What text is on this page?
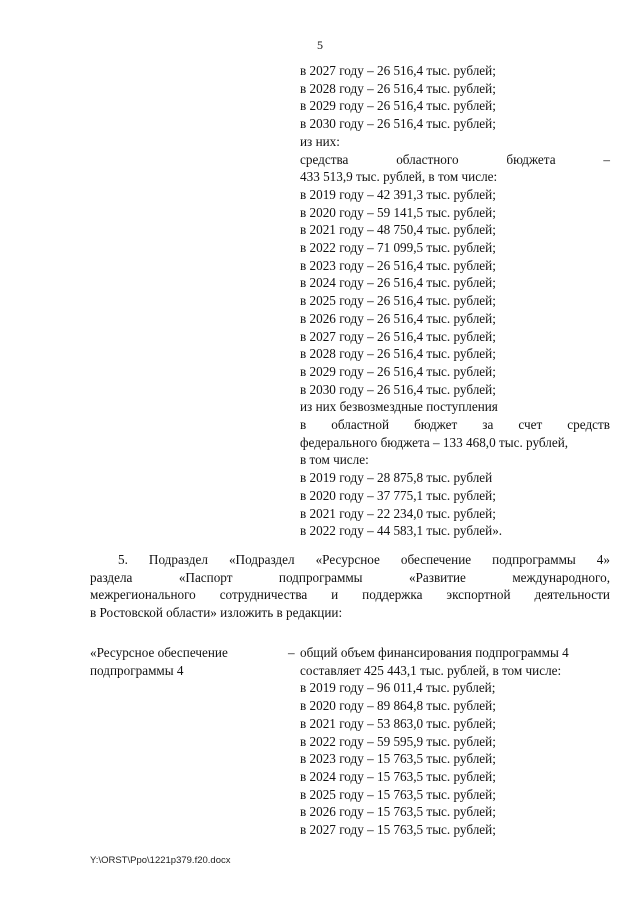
5
в 2027 году – 26 516,4 тыс. рублей;
в 2028 году – 26 516,4 тыс. рублей;
в 2029 году – 26 516,4 тыс. рублей;
в 2030 году – 26 516,4 тыс. рублей;
из них:
средства областного бюджета –
433 513,9 тыс. рублей, в том числе:
в 2019 году – 42 391,3 тыс. рублей;
в 2020 году – 59 141,5 тыс. рублей;
в 2021 году – 48 750,4 тыс. рублей;
в 2022 году – 71 099,5 тыс. рублей;
в 2023 году – 26 516,4 тыс. рублей;
в 2024 году – 26 516,4 тыс. рублей;
в 2025 году – 26 516,4 тыс. рублей;
в 2026 году – 26 516,4 тыс. рублей;
в 2027 году – 26 516,4 тыс. рублей;
в 2028 году – 26 516,4 тыс. рублей;
в 2029 году – 26 516,4 тыс. рублей;
в 2030 году – 26 516,4 тыс. рублей;
из них безвозмездные поступления
в областной бюджет за счет средств
федерального бюджета – 133 468,0 тыс. рублей,
в том числе:
в 2019 году – 28 875,8 тыс. рублей
в 2020 году – 37 775,1 тыс. рублей;
в 2021 году – 22 234,0 тыс. рублей;
в 2022 году – 44 583,1 тыс. рублей».
5. Подраздел «Подраздел «Ресурсное обеспечение подпрограммы 4»
раздела «Паспорт подпрограммы «Развитие международного,
межрегионального сотрудничества и поддержка экспортной деятельности
в Ростовской области» изложить в редакции:
«Ресурсное обеспечение
подпрограммы 4
– общий объем финансирования подпрограммы 4
составляет 425 443,1 тыс. рублей, в том числе:
в 2019 году – 96 011,4 тыс. рублей;
в 2020 году – 89 864,8 тыс. рублей;
в 2021 году – 53 863,0 тыс. рублей;
в 2022 году – 59 595,9 тыс. рублей;
в 2023 году – 15 763,5 тыс. рублей;
в 2024 году – 15 763,5 тыс. рублей;
в 2025 году – 15 763,5 тыс. рублей;
в 2026 году – 15 763,5 тыс. рублей;
в 2027 году – 15 763,5 тыс. рублей;
Y:\ORST\Ppo\1221p379.f20.docx
